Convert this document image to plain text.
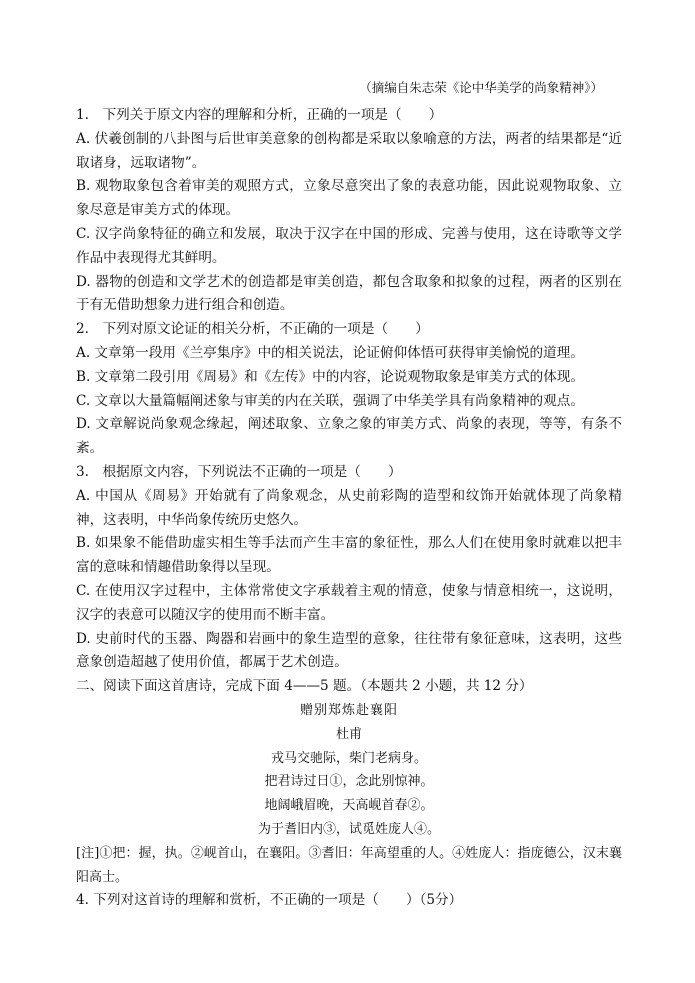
（摘编自朱志荣《论中华美学的尚象精神》）
1.　下列关于原文内容的理解和分析，正确的一项是（　　）
A. 伏羲创制的八卦图与后世审美意象的创构都是采取以象喻意的方法，两者的结果都是“近取诸身，远取诸物”。
B. 观物取象包含着审美的观照方式，立象尽意突出了象的表意功能，因此说观物取象、立象尽意是审美方式的体现。
C. 汉字尚象特征的确立和发展，取决于汉字在中国的形成、完善与使用，这在诗歌等文学作品中表现得尤其鲜明。
D. 器物的创造和文学艺术的创造都是审美创造，都包含取象和拟象的过程，两者的区别在于有无借助想象力进行组合和创造。
2.　下列对原文论证的相关分析，不正确的一项是（　　）
A. 文章第一段用《兰亭集序》中的相关说法，论证俯仰体悟可获得审美愉悦的道理。
B. 文章第二段引用《周易》和《左传》中的内容，论说观物取象是审美方式的体现。
C. 文章以大量篇幅阐述象与审美的内在关联，强调了中华美学具有尚象精神的观点。
D. 文章解说尚象观念缘起，阐述取象、立象之象的审美方式、尚象的表现，等等，有条不紊。
3.　根据原文内容，下列说法不正确的一项是（　　）
A. 中国从《周易》开始就有了尚象观念，从史前彩陶的造型和纹饰开始就体现了尚象精神，这表明，中华尚象传统历史悠久。
B. 如果象不能借助虚实相生等手法而产生丰富的象征性，那么人们在使用象时就难以把丰富的意味和情趣借助象得以呈现。
C. 在使用汉字过程中，主体常常使文字承载着主观的情意，使象与情意相统一，这说明，汉字的表意可以随汉字的使用而不断丰富。
D. 史前时代的玉器、陶器和岩画中的象生造型的意象，往往带有象征意味，这表明，这些意象创造超越了使用价值，都属于艺术创造。
二、阅读下面这首唐诗，完成下面 4——5 题。（本题共 2 小题，共 12 分）
赠别郑炼赴襄阳
杜甫
戎马交驰际，柴门老病身。
把君诗过日①，念此别惊神。
地阔峨眉晚，天高岘首春②。
为于耆旧内③，试觅姓庞人④。
[注]①把：握，执。②岘首山，在襄阳。③耆旧：年高望重的人。④姓庞人：指庞德公，汉末襄阳高士。
4. 下列对这首诗的理解和赏析，不正确的一项是（　　）（5分）
